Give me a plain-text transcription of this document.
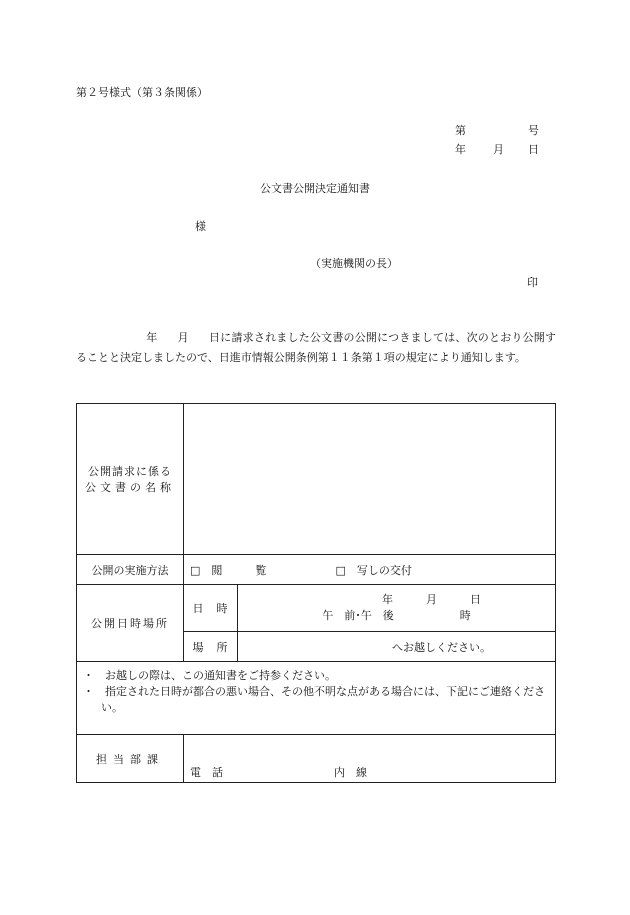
第２号様式（第３条関係）
第	号
年 月 日
公文書公開決定通知書
様
（実施機関の長）
印
年 月 日に請求されました公文書の公開につきましては、次のとおり公開することと決定しましたので、日進市情報公開条例第１１条第１項の規定により通知します。
公開請求に係る
公文書の名称		

公開の実施方法	□　閲　　　覧 □　写しの交付	
公開日時場所	日　時	年　　　月　　　日
午　前･午　後　　　　　　時

	場　所	へお越しください。

・　お越しの際は、この通知書をご持参ください。
・　指定された日時が都合の悪い場合、その他不明な点がある場合には、下記にご連絡ください。		

担当部課	電　話 内　線	
